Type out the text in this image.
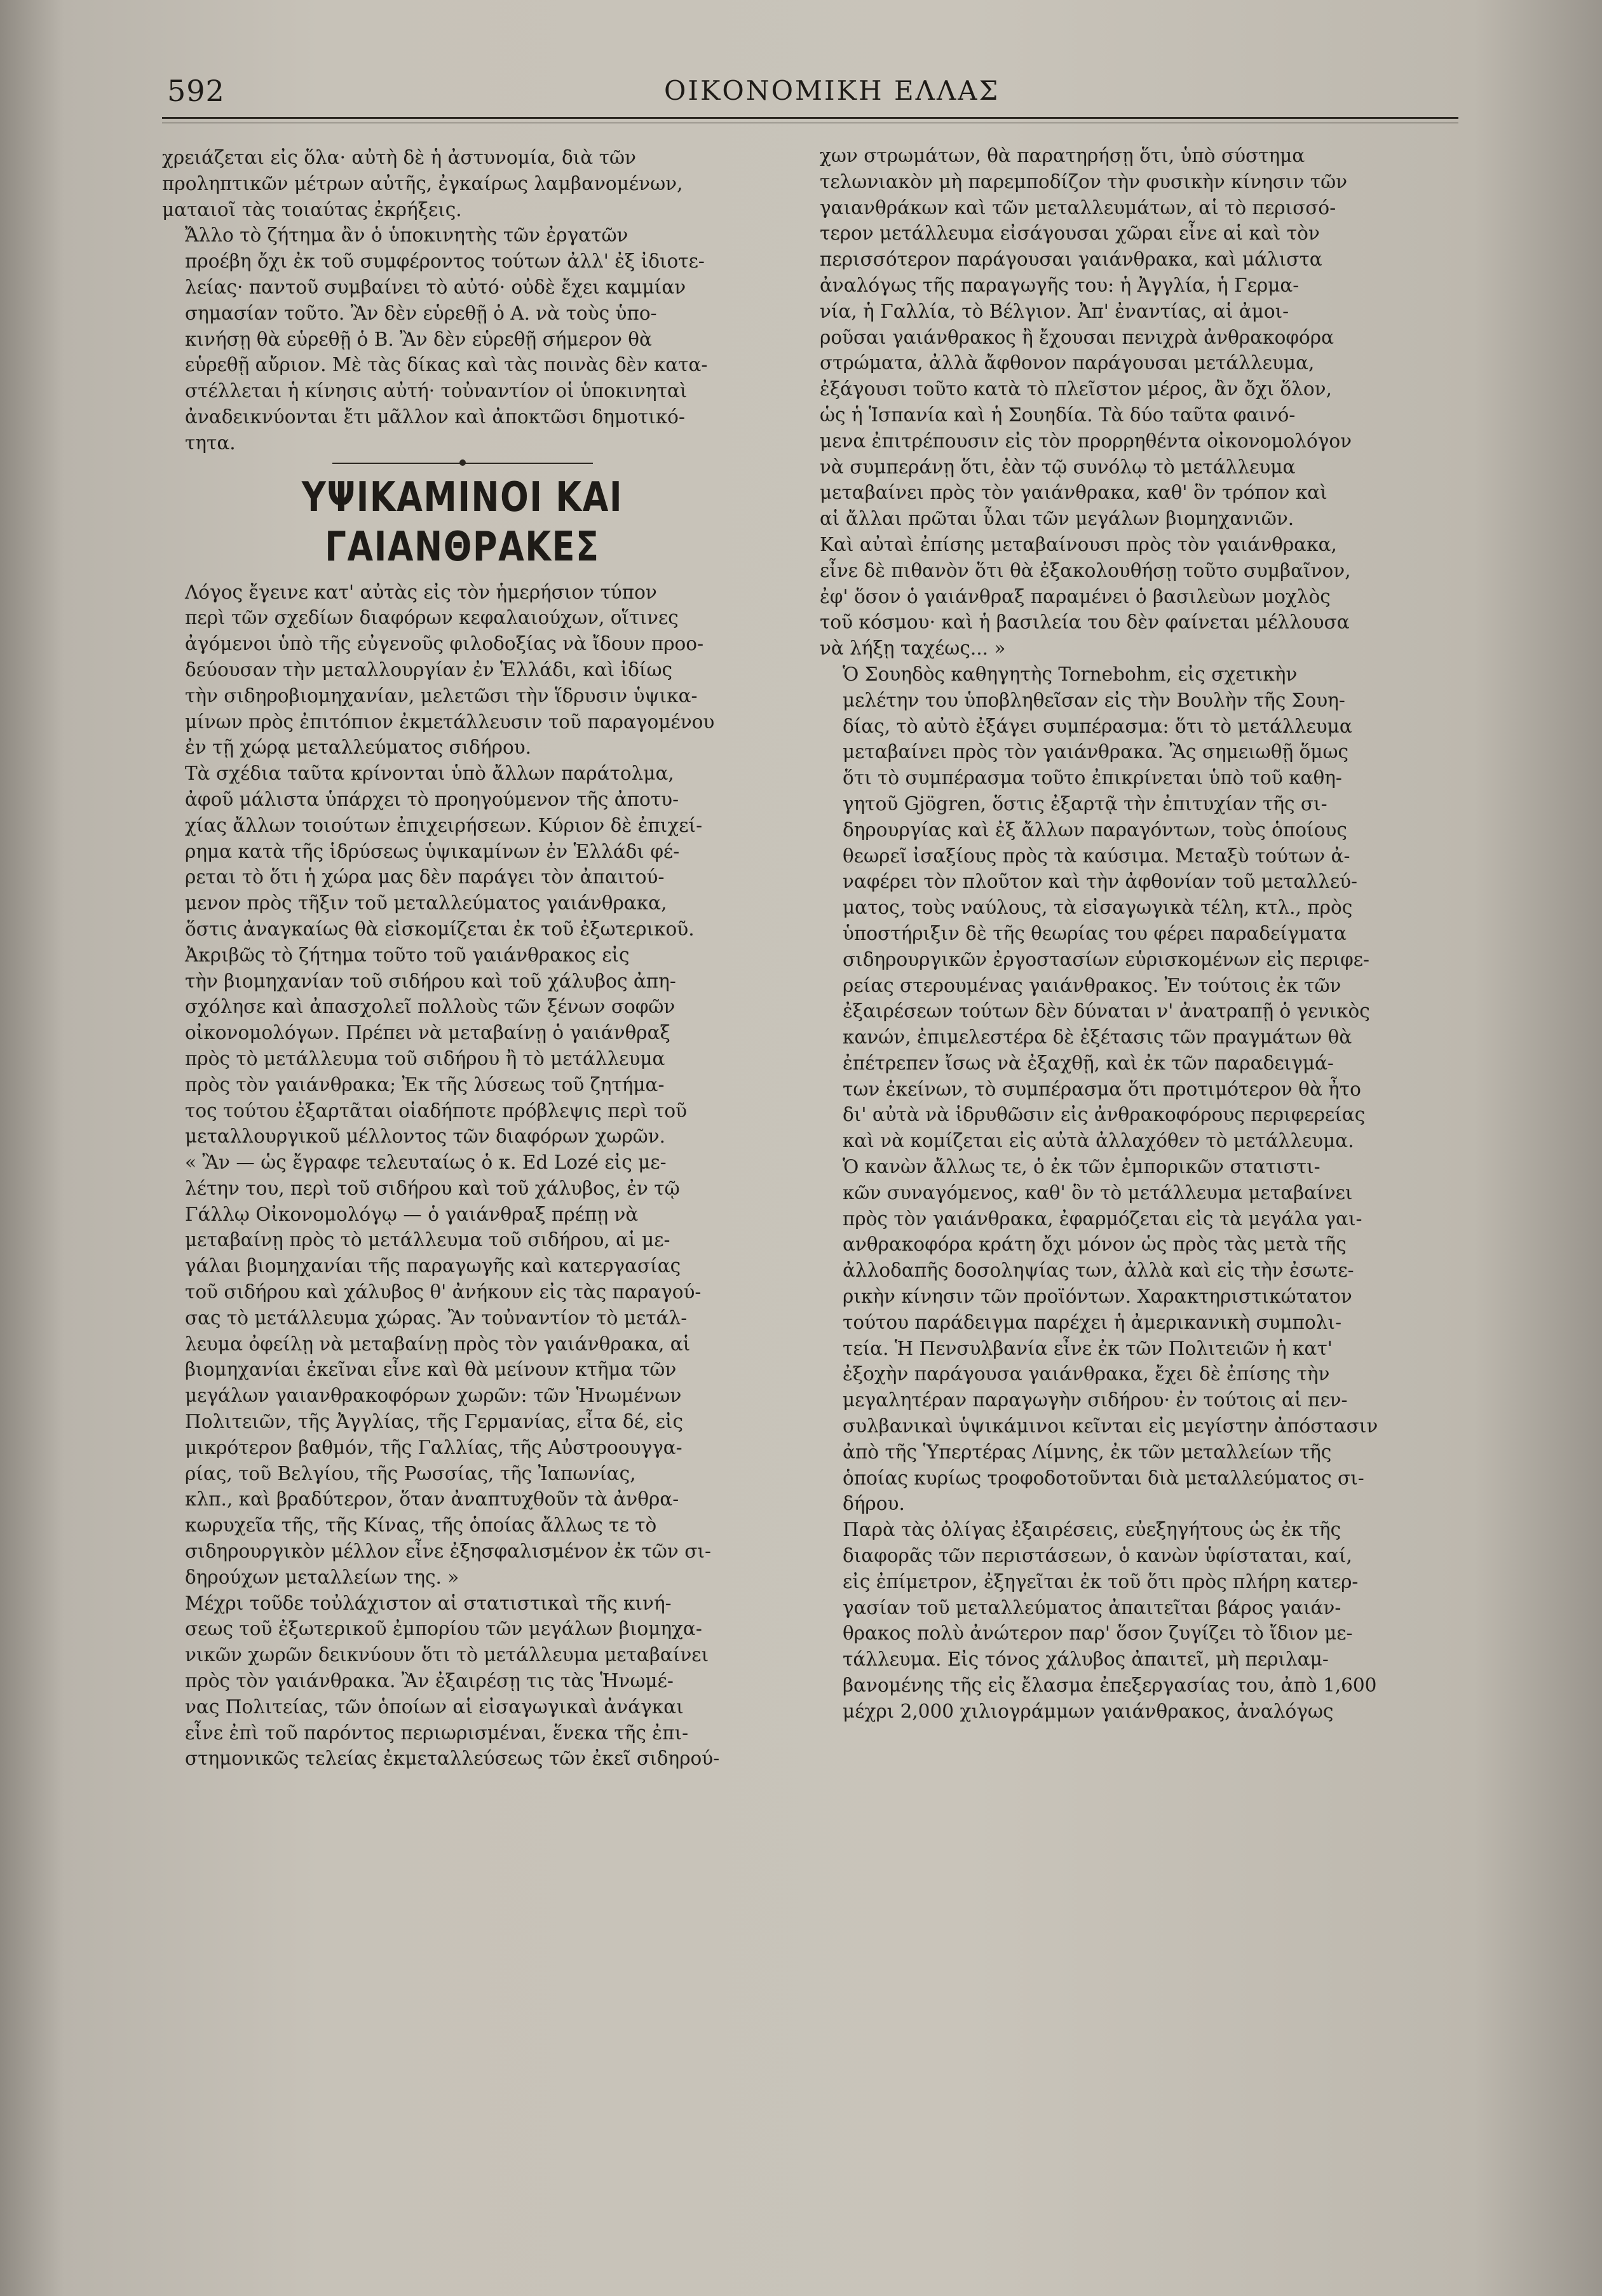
592	ΟΙΚΟΝΟΜΙΚΗ ΕΛΛΑΣ

χρειάζεται εἰς ὅλα· αὐτὴ δὲ ἡ ἀστυνομία, διὰ τῶν
προληπτικῶν μέτρων αὐτῆς, ἐγκαίρως λαμβανομένων,
ματαιοῖ τὰς τοιαύτας ἐκρήξεις.

Ἄλλο τὸ ζήτημα ἂν ὁ ὑποκινητὴς τῶν ἐργατῶν
προέβη ὄχι ἐκ τοῦ συμφέροντος τούτων ἀλλ' ἐξ ἰδιοτε-
λείας· παντοῦ συμβαίνει τὸ αὐτό· οὐδὲ ἔχει καμμίαν
σημασίαν τοῦτο. Ἂν δὲν εὑρεθῇ ὁ Α. νὰ τοὺς ὑπο-
κινήσῃ θὰ εὑρεθῇ ὁ Β. Ἂν δὲν εὑρεθῇ σήμερον θὰ
εὑρεθῇ αὔριον. Μὲ τὰς δίκας καὶ τὰς ποινὰς δὲν κατα-
στέλλεται ἡ κίνησις αὐτή· τοὐναντίον οἱ ὑποκινηταὶ
ἀναδεικνύονται ἔτι μᾶλλον καὶ ἀποκτῶσι δημοτικό-
τητα.

ΥΨΙΚΑΜΙΝΟΙ ΚΑΙ ΓΑΙΑΝΘΡΑΚΕΣ

Λόγος ἔγεινε κατ' αὐτὰς εἰς τὸν ἡμερήσιον τύπον
περὶ τῶν σχεδίων διαφόρων κεφαλαιούχων, οἵτινες
ἀγόμενοι ὑπὸ τῆς εὐγενοῦς φιλοδοξίας νὰ ἴδουν προο-
δεύουσαν τὴν μεταλλουργίαν ἐν Ἑλλάδι, καὶ ἰδίως
τὴν σιδηροβιομηχανίαν, μελετῶσι τὴν ἵδρυσιν ὑψικα-
μίνων πρὸς ἐπιτόπιον ἐκμετάλλευσιν τοῦ παραγομένου
ἐν τῇ χώρᾳ μεταλλεύματος σιδήρου.

Τὰ σχέδια ταῦτα κρίνονται ὑπὸ ἄλλων παράτολμα,
ἀφοῦ μάλιστα ὑπάρχει τὸ προηγούμενον τῆς ἀποτυ-
χίας ἄλλων τοιούτων ἐπιχειρήσεων. Κύριον δὲ ἐπιχεί-
ρημα κατὰ τῆς ἱδρύσεως ὑψικαμίνων ἐν Ἑλλάδι φέ-
ρεται τὸ ὅτι ἡ χώρα μας δὲν παράγει τὸν ἀπαιτού-
μενον πρὸς τῆξιν τοῦ μεταλλεύματος γαιάνθρακα,
ὅστις ἀναγκαίως θὰ εἰσκομίζεται ἐκ τοῦ ἐξωτερικοῦ.

Ἀκριβῶς τὸ ζήτημα τοῦτο τοῦ γαιάνθρακος εἰς
τὴν βιομηχανίαν τοῦ σιδήρου καὶ τοῦ χάλυβος ἀπη-
σχόλησε καὶ ἀπασχολεῖ πολλοὺς τῶν ξένων σοφῶν
οἰκονομολόγων. Πρέπει νὰ μεταβαίνῃ ὁ γαιάνθραξ
πρὸς τὸ μετάλλευμα τοῦ σιδήρου ἢ τὸ μετάλλευμα
πρὸς τὸν γαιάνθρακα; Ἐκ τῆς λύσεως τοῦ ζητήμα-
τος τούτου ἐξαρτᾶται οἱαδήποτε πρόβλεψις περὶ τοῦ
μεταλλουργικοῦ μέλλοντος τῶν διαφόρων χωρῶν.
« Ἂν — ὡς ἔγραφε τελευταίως ὁ κ. Ed Lozé εἰς με-
λέτην του, περὶ τοῦ σιδήρου καὶ τοῦ χάλυβος, ἐν τῷ
Γάλλῳ Οἰκονομολόγῳ — ὁ γαιάνθραξ πρέπῃ νὰ
μεταβαίνῃ πρὸς τὸ μετάλλευμα τοῦ σιδήρου, αἱ με-
γάλαι βιομηχανίαι τῆς παραγωγῆς καὶ κατεργασίας
τοῦ σιδήρου καὶ χάλυβος θ' ἀνήκουν εἰς τὰς παραγού-
σας τὸ μετάλλευμα χώρας. Ἂν τοὐναντίον τὸ μετάλ-
λευμα ὀφείλῃ νὰ μεταβαίνῃ πρὸς τὸν γαιάνθρακα, αἱ
βιομηχανίαι ἐκεῖναι εἶνε καὶ θὰ μείνουν κτῆμα τῶν
μεγάλων γαιανθρακοφόρων χωρῶν: τῶν Ἡνωμένων
Πολιτειῶν, τῆς Ἀγγλίας, τῆς Γερμανίας, εἶτα δέ, εἰς
μικρότερον βαθμόν, τῆς Γαλλίας, τῆς Αὐστροουγγα-
ρίας, τοῦ Βελγίου, τῆς Ρωσσίας, τῆς Ἰαπωνίας,
κλπ., καὶ βραδύτερον, ὅταν ἀναπτυχθοῦν τὰ ἀνθρα-
κωρυχεῖα τῆς, τῆς Κίνας, τῆς ὁποίας ἄλλως τε τὸ
σιδηρουργικὸν μέλλον εἶνε ἐξησφαλισμένον ἐκ τῶν σι-
δηρούχων μεταλλείων της. »

Μέχρι τοῦδε τοὐλάχιστον αἱ στατιστικαὶ τῆς κινή-
σεως τοῦ ἐξωτερικοῦ ἐμπορίου τῶν μεγάλων βιομηχα-
νικῶν χωρῶν δεικνύουν ὅτι τὸ μετάλλευμα μεταβαίνει
πρὸς τὸν γαιάνθρακα. Ἂν ἐξαιρέσῃ τις τὰς Ἡνωμέ-
νας Πολιτείας, τῶν ὁποίων αἱ εἰσαγωγικαὶ ἀνάγκαι
εἶνε ἐπὶ τοῦ παρόντος περιωρισμέναι, ἕνεκα τῆς ἐπι-
στημονικῶς τελείας ἐκμεταλλεύσεως τῶν ἐκεῖ σιδηρού-

χων στρωμάτων, θὰ παρατηρήσῃ ὅτι, ὑπὸ σύστημα
τελωνιακὸν μὴ παρεμποδίζον τὴν φυσικὴν κίνησιν τῶν
γαιανθράκων καὶ τῶν μεταλλευμάτων, αἱ τὸ περισσό-
τερον μετάλλευμα εἰσάγουσαι χῶραι εἶνε αἱ καὶ τὸν
περισσότερον παράγουσαι γαιάνθρακα, καὶ μάλιστα
ἀναλόγως τῆς παραγωγῆς του: ἡ Ἀγγλία, ἡ Γερμα-
νία, ἡ Γαλλία, τὸ Βέλγιον. Ἀπ' ἐναντίας, αἱ ἀμοι-
ροῦσαι γαιάνθρακος ἢ ἔχουσαι πενιχρὰ ἀνθρακοφόρα
στρώματα, ἀλλὰ ἄφθονον παράγουσαι μετάλλευμα,
ἐξάγουσι τοῦτο κατὰ τὸ πλεῖστον μέρος, ἂν ὄχι ὅλον,
ὡς ἡ Ἱσπανία καὶ ἡ Σουηδία. Τὰ δύο ταῦτα φαινό-
μενα ἐπιτρέπουσιν εἰς τὸν προρρηθέντα οἰκονομολόγον
νὰ συμπεράνῃ ὅτι, ἐὰν τῷ συνόλῳ τὸ μετάλλευμα
μεταβαίνει πρὸς τὸν γαιάνθρακα, καθ' ὃν τρόπον καὶ
αἱ ἄλλαι πρῶται ὗλαι τῶν μεγάλων βιομηχανιῶν.
Καὶ αὐταὶ ἐπίσης μεταβαίνουσι πρὸς τὸν γαιάνθρακα,
εἶνε δὲ πιθανὸν ὅτι θὰ ἐξακολουθήσῃ τοῦτο συμβαῖνον,
ἐφ' ὅσον ὁ γαιάνθραξ παραμένει ὁ βασιλεὺων μοχλὸς
τοῦ κόσμου· καὶ ἡ βασιλεία του δὲν φαίνεται μέλλουσα
νὰ λήξῃ ταχέως... »

Ὁ Σουηδὸς καθηγητὴς Tornebohm, εἰς σχετικὴν
μελέτην του ὑποβληθεῖσαν εἰς τὴν Βουλὴν τῆς Σουη-
δίας, τὸ αὐτὸ ἐξάγει συμπέρασμα: ὅτι τὸ μετάλλευμα
μεταβαίνει πρὸς τὸν γαιάνθρακα. Ἂς σημειωθῇ ὅμως
ὅτι τὸ συμπέρασμα τοῦτο ἐπικρίνεται ὑπὸ τοῦ καθη-
γητοῦ Gjögren, ὅστις ἐξαρτᾷ τὴν ἐπιτυχίαν τῆς σι-
δηρουργίας καὶ ἐξ ἄλλων παραγόντων, τοὺς ὁποίους
θεωρεῖ ἰσαξίους πρὸς τὰ καύσιμα. Μεταξὺ τούτων ἀ-
ναφέρει τὸν πλοῦτον καὶ τὴν ἀφθονίαν τοῦ μεταλλεύ-
ματος, τοὺς ναύλους, τὰ εἰσαγωγικὰ τέλη, κτλ., πρὸς
ὑποστήριξιν δὲ τῆς θεωρίας του φέρει παραδείγματα
σιδηρουργικῶν ἐργοστασίων εὑρισκομένων εἰς περιφε-
ρείας στερουμένας γαιάνθρακος. Ἐν τούτοις ἐκ τῶν
ἐξαιρέσεων τούτων δὲν δύναται ν' ἀνατραπῇ ὁ γενικὸς
κανών, ἐπιμελεστέρα δὲ ἐξέτασις τῶν πραγμάτων θὰ
ἐπέτρεπεν ἴσως νὰ ἐξαχθῇ, καὶ ἐκ τῶν παραδειγμά-
των ἐκείνων, τὸ συμπέρασμα ὅτι προτιμότερον θὰ ἦτο
δι' αὐτὰ νὰ ἱδρυθῶσιν εἰς ἀνθρακοφόρους περιφερείας
καὶ νὰ κομίζεται εἰς αὐτὰ ἀλλαχόθεν τὸ μετάλλευμα.

Ὁ κανὼν ἄλλως τε, ὁ ἐκ τῶν ἐμπορικῶν στατιστι-
κῶν συναγόμενος, καθ' ὃν τὸ μετάλλευμα μεταβαίνει
πρὸς τὸν γαιάνθρακα, ἐφαρμόζεται εἰς τὰ μεγάλα γαι-
ανθρακοφόρα κράτη ὄχι μόνον ὡς πρὸς τὰς μετὰ τῆς
ἀλλοδαπῆς δοσοληψίας των, ἀλλὰ καὶ εἰς τὴν ἐσωτε-
ρικὴν κίνησιν τῶν προϊόντων. Χαρακτηριστικώτατον
τούτου παράδειγμα παρέχει ἡ ἀμερικανικὴ συμπολι-
τεία. Ἡ Πενσυλβανία εἶνε ἐκ τῶν Πολιτειῶν ἡ κατ'
ἐξοχὴν παράγουσα γαιάνθρακα, ἔχει δὲ ἐπίσης τὴν
μεγαλητέραν παραγωγὴν σιδήρου· ἐν τούτοις αἱ πεν-
συλβανικαὶ ὑψικάμινοι κεῖνται εἰς μεγίστην ἀπόστασιν
ἀπὸ τῆς Ὑπερτέρας Λίμνης, ἐκ τῶν μεταλλείων τῆς
ὁποίας κυρίως τροφοδοτοῦνται διὰ μεταλλεύματος σι-
δήρου.

Παρὰ τὰς ὀλίγας ἐξαιρέσεις, εὐεξηγήτους ὡς ἐκ τῆς
διαφορᾶς τῶν περιστάσεων, ὁ κανὼν ὑφίσταται, καί,
εἰς ἐπίμετρον, ἐξηγεῖται ἐκ τοῦ ὅτι πρὸς πλήρη κατερ-
γασίαν τοῦ μεταλλεύματος ἀπαιτεῖται βάρος γαιάν-
θρακος πολὺ ἀνώτερον παρ' ὅσον ζυγίζει τὸ ἴδιον με-
τάλλευμα. Εἰς τόνος χάλυβος ἀπαιτεῖ, μὴ περιλαμ-
βανομένης τῆς εἰς ἔλασμα ἐπεξεργασίας του, ἀπὸ 1,600
μέχρι 2,000 χιλιογράμμων γαιάνθρακος, ἀναλόγως
